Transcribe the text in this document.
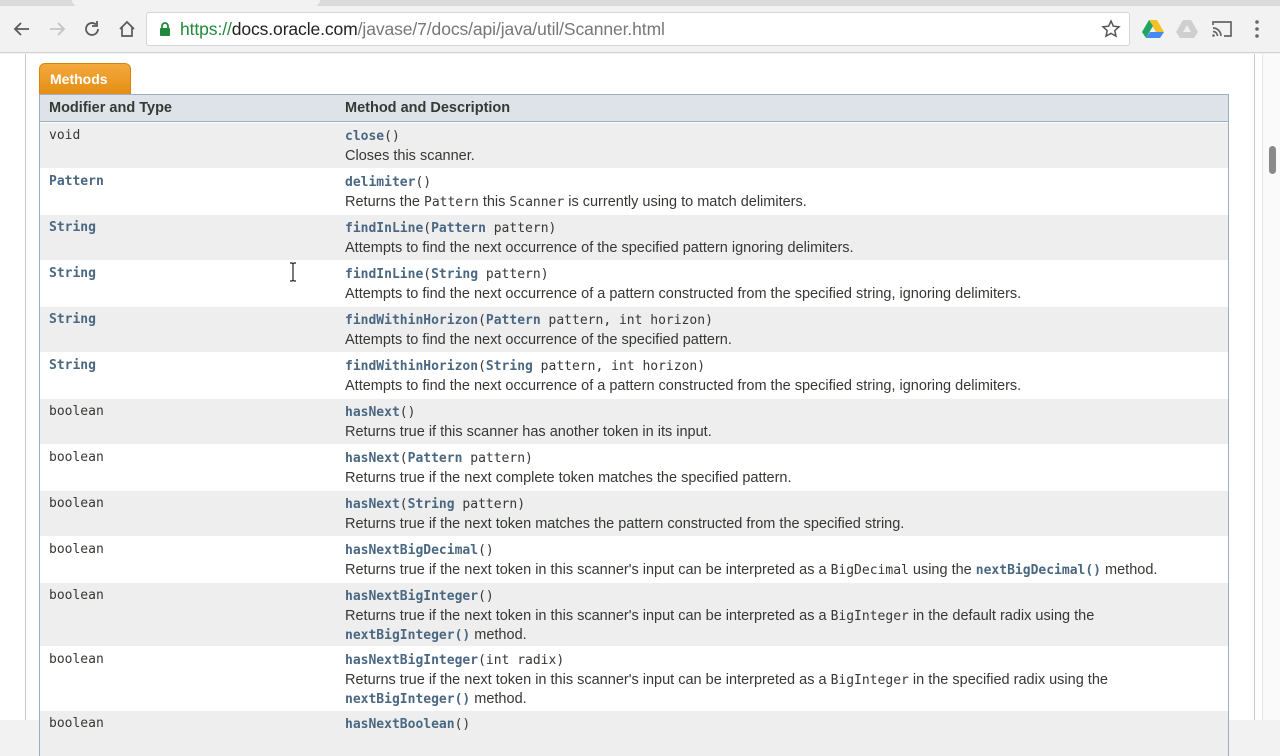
https://docs.oracle.com/javase/7/docs/api/java/util/Scanner.html
Methods
Modifier and Type	Method and Description
void	close()
Closes this scanner.
Pattern	delimiter()
Returns the Pattern this Scanner is currently using to match delimiters.
String	findInLine(Pattern pattern)
Attempts to find the next occurrence of the specified pattern ignoring delimiters.
String	findInLine(String pattern)
Attempts to find the next occurrence of a pattern constructed from the specified string, ignoring delimiters.
String	findWithinHorizon(Pattern pattern, int horizon)
Attempts to find the next occurrence of the specified pattern.
String	findWithinHorizon(String pattern, int horizon)
Attempts to find the next occurrence of a pattern constructed from the specified string, ignoring delimiters.
boolean	hasNext()
Returns true if this scanner has another token in its input.
boolean	hasNext(Pattern pattern)
Returns true if the next complete token matches the specified pattern.
boolean	hasNext(String pattern)
Returns true if the next token matches the pattern constructed from the specified string.
boolean	hasNextBigDecimal()
Returns true if the next token in this scanner's input can be interpreted as a BigDecimal using the nextBigDecimal() method.
boolean	hasNextBigInteger()
Returns true if the next token in this scanner's input can be interpreted as a BigInteger in the default radix using the
nextBigInteger() method.
boolean	hasNextBigInteger(int radix)
Returns true if the next token in this scanner's input can be interpreted as a BigInteger in the specified radix using the
nextBigInteger() method.
boolean	hasNextBoolean()
